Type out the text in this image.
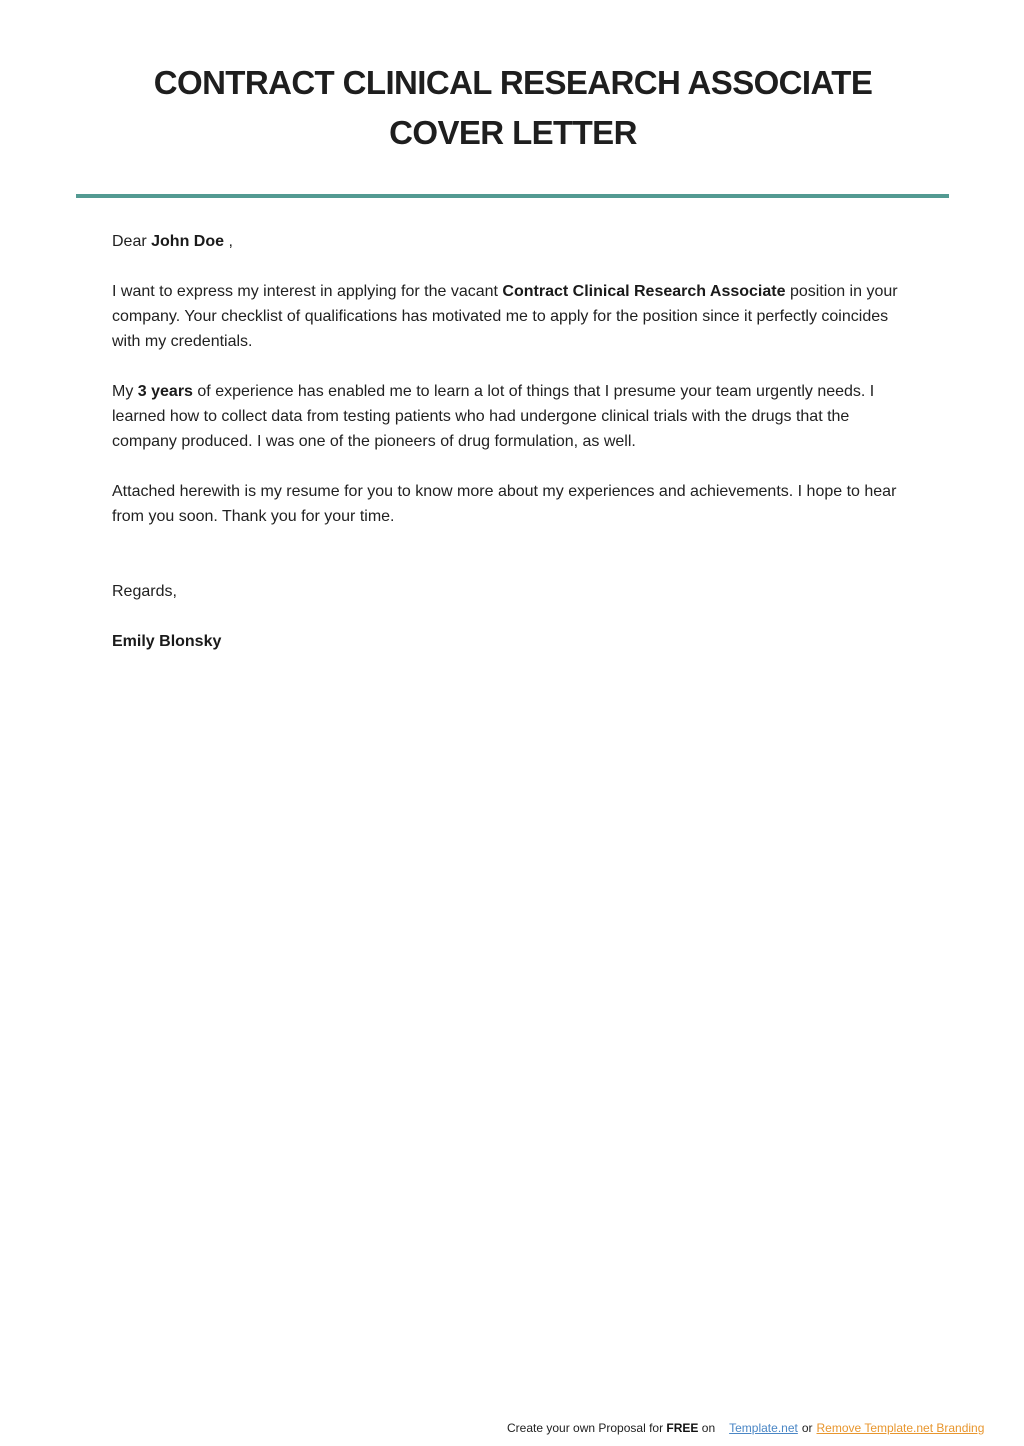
CONTRACT CLINICAL RESEARCH ASSOCIATE COVER LETTER

Dear John Doe ,

I want to express my interest in applying for the vacant Contract Clinical Research Associate position in your company. Your checklist of qualifications has motivated me to apply for the position since it perfectly coincides with my credentials.

My 3 years of experience has enabled me to learn a lot of things that I presume your team urgently needs. I learned how to collect data from testing patients who had undergone clinical trials with the drugs that the company produced. I was one of the pioneers of drug formulation, as well.

Attached herewith is my resume for you to know more about my experiences and achievements. I hope to hear from you soon. Thank you for your time.

Regards,

Emily Blonsky

Create your own Proposal for FREE on Template.net or Remove Template.net Branding
